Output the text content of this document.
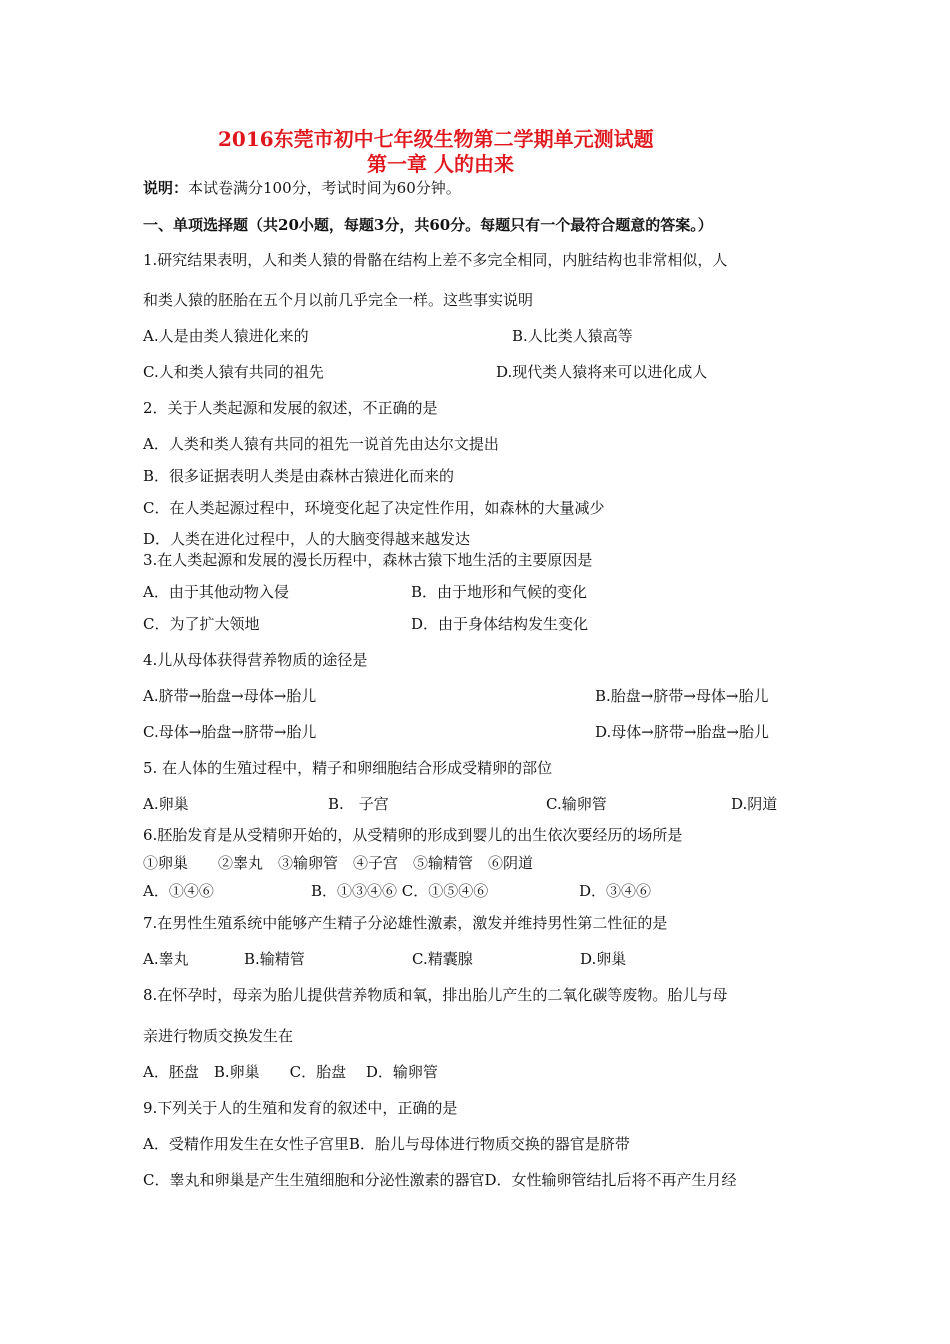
2016东莞市初中七年级生物第二学期单元测试题
第一章 人的由来
说明：本试卷满分100分，考试时间为60分钟。
一、单项选择题（共20小题，每题3分，共60分。每题只有一个最符合题意的答案。）
1.研究结果表明，人和类人猿的骨骼在结构上差不多完全相同，内脏结构也非常相似，人
和类人猿的胚胎在五个月以前几乎完全一样。这些事实说明
A.人是由类人猿进化来的	B.人比类人猿高等
C.人和类人猿有共同的祖先	D.现代类人猿将来可以进化成人
2．关于人类起源和发展的叙述，不正确的是
A．人类和类人猿有共同的祖先一说首先由达尔文提出
B．很多证据表明人类是由森林古猿进化而来的
C．在人类起源过程中，环境变化起了决定性作用，如森林的大量减少
D．人类在进化过程中，人的大脑变得越来越发达
3.在人类起源和发展的漫长历程中，森林古猿下地生活的主要原因是
A．由于其他动物入侵	B．由于地形和气候的变化
C．为了扩大领地	D．由于身体结构发生变化
4.儿从母体获得营养物质的途径是
A.脐带→胎盘→母体→胎儿	B.胎盘→脐带→母体→胎儿
C.母体→胎盘→脐带→胎儿	D.母体→脐带→胎盘→胎儿
5. 在人体的生殖过程中，精子和卵细胞结合形成受精卵的部位
A.卵巢	B.　子宫	C.输卵管	D.阴道
6.胚胎发育是从受精卵开始的，从受精卵的形成到婴儿的出生依次要经历的场所是
①卵巢　　②睾丸　③输卵管　④子宫　⑤输精管　⑥阴道
A．①④⑥	B．①③④⑥ C．①⑤④⑥	D．③④⑥
7.在男性生殖系统中能够产生精子分泌雄性激素，激发并维持男性第二性征的是
A.睾丸	B.输精管	C.精囊腺	D.卵巢
8.在怀孕时，母亲为胎儿提供营养物质和氧，排出胎儿产生的二氧化碳等废物。胎儿与母
亲进行物质交换发生在
A．胚盘　B.卵巢　　C．胎盘　 D．输卵管
9.下列关于人的生殖和发育的叙述中，正确的是
A．受精作用发生在女性子宫里B．胎儿与母体进行物质交换的器官是脐带
C．睾丸和卵巢是产生生殖细胞和分泌性激素的器官D．女性输卵管结扎后将不再产生月经
